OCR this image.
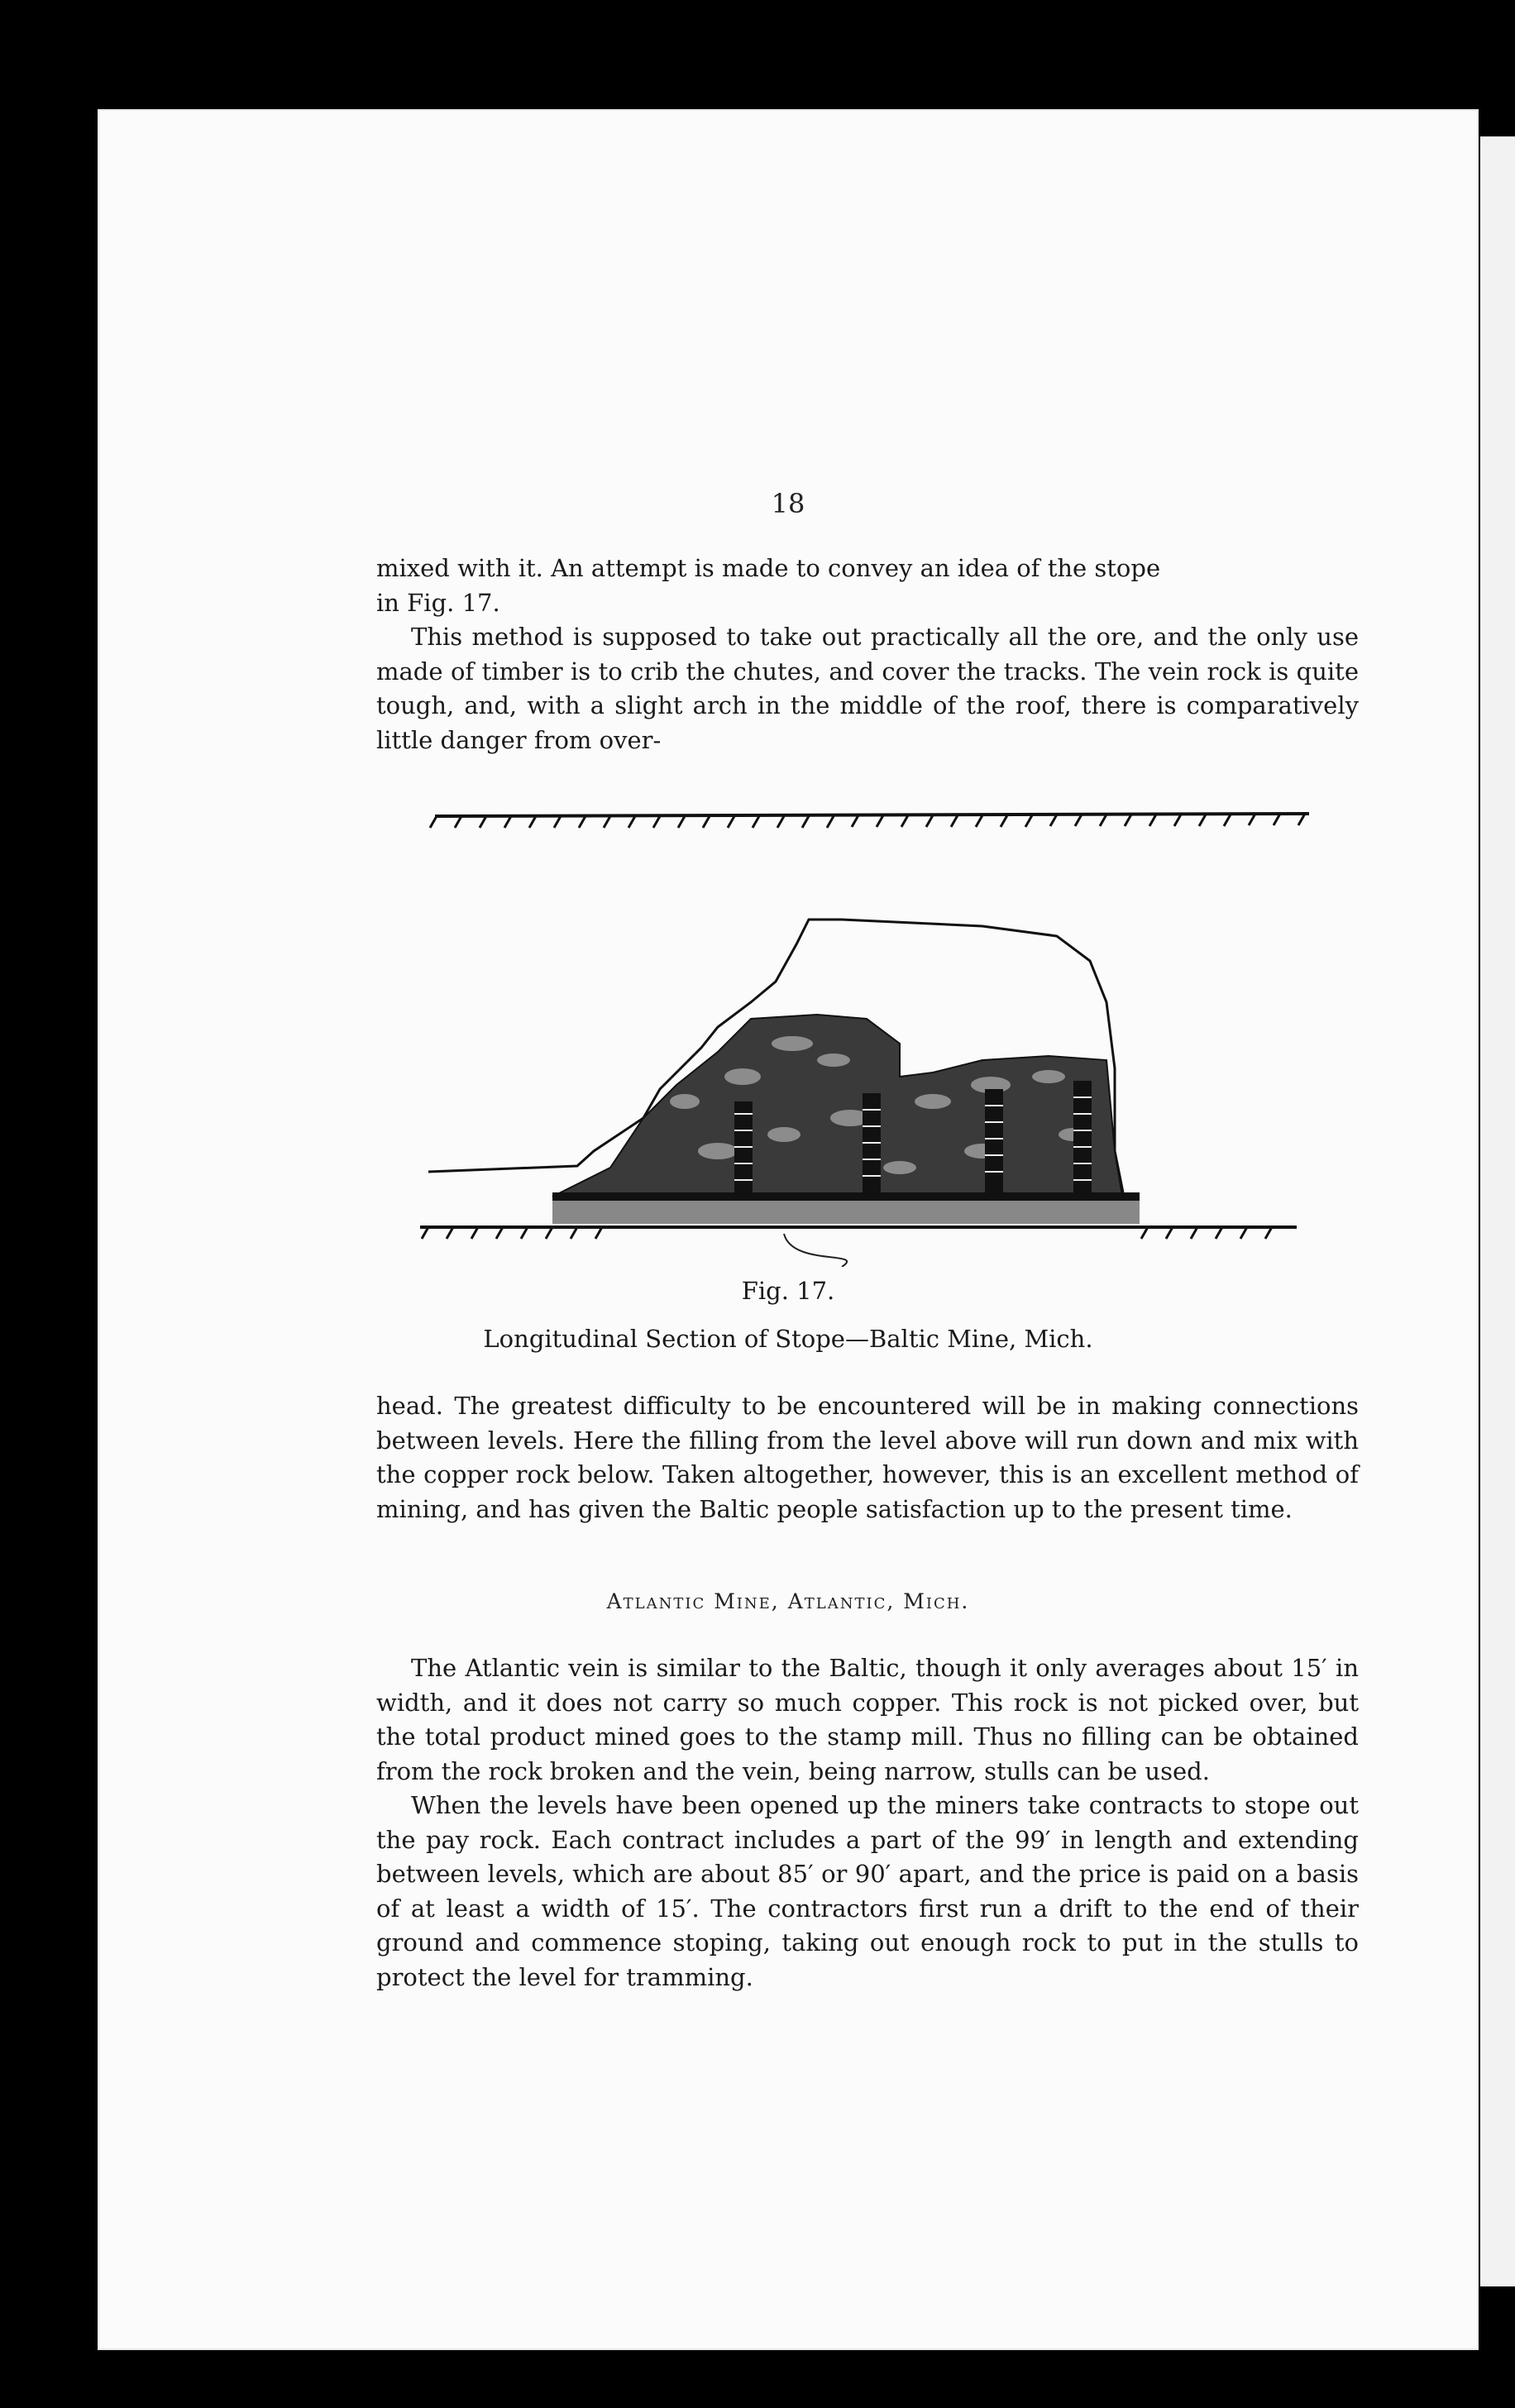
18

mixed with it. An attempt is made to convey an idea of the stope

in Fig. 17.

This method is supposed to take out practically all the ore, and the only use made of timber is to crib the chutes, and cover the tracks. The vein rock is quite tough, and, with a slight arch in the middle of the roof, there is comparatively little danger from over-

Fig. 17.
Longitudinal Section of Stope—Baltic Mine, Mich.

head. The greatest difficulty to be encountered will be in making connections between levels. Here the filling from the level above will run down and mix with the copper rock below. Taken altogether, however, this is an excellent method of mining, and has given the Baltic people satisfaction up to the present time.

Atlantic Mine, Atlantic, Mich.

The Atlantic vein is similar to the Baltic, though it only averages about 15′ in width, and it does not carry so much copper. This rock is not picked over, but the total product mined goes to the stamp mill. Thus no filling can be obtained from the rock broken and the vein, being narrow, stulls can be used.

When the levels have been opened up the miners take contracts to stope out the pay rock. Each contract includes a part of the 99′ in length and extending between levels, which are about 85′ or 90′ apart, and the price is paid on a basis of at least a width of 15′. The contractors first run a drift to the end of their ground and commence stoping, taking out enough rock to put in the stulls to protect the level for tramming.
